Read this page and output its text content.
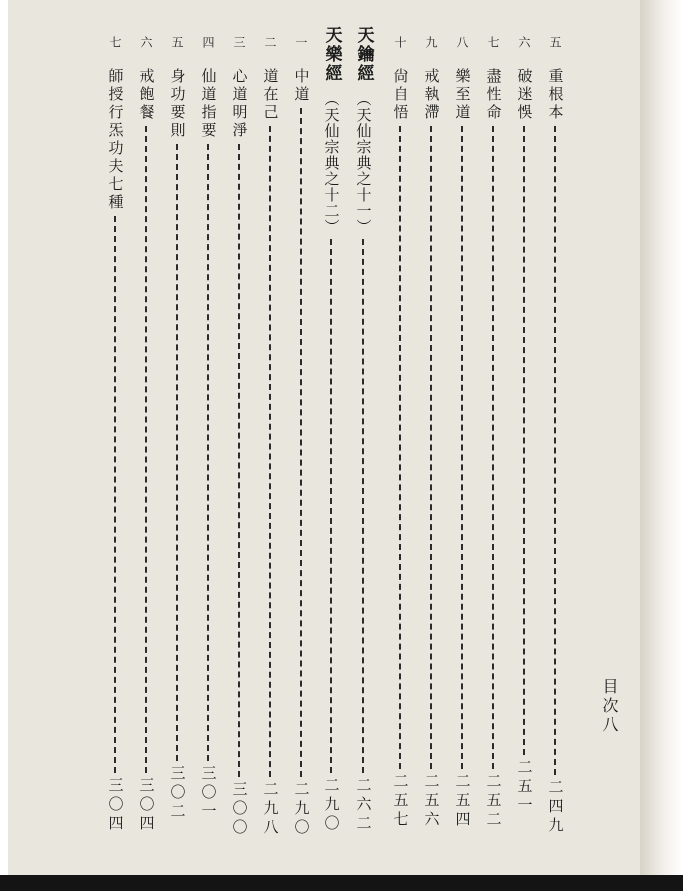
目次八
五
重根本
二四九
六
破迷悞
二五一
七
盡性命
二五二
八
樂至道
二五四
九
戒執滯
二五六
十
尙自悟
二五七
天鑰經
（天仙宗典之十一）
二六二
天樂經
（天仙宗典之十二）
二九〇
一
中道
二九〇
二
道在己
二九八
三
心道明淨
三〇〇
四
仙道指要
三〇一
五
身功要則
三〇二
六
戒飽餐
三〇四
七
師授行炁功夫七種
三〇四
